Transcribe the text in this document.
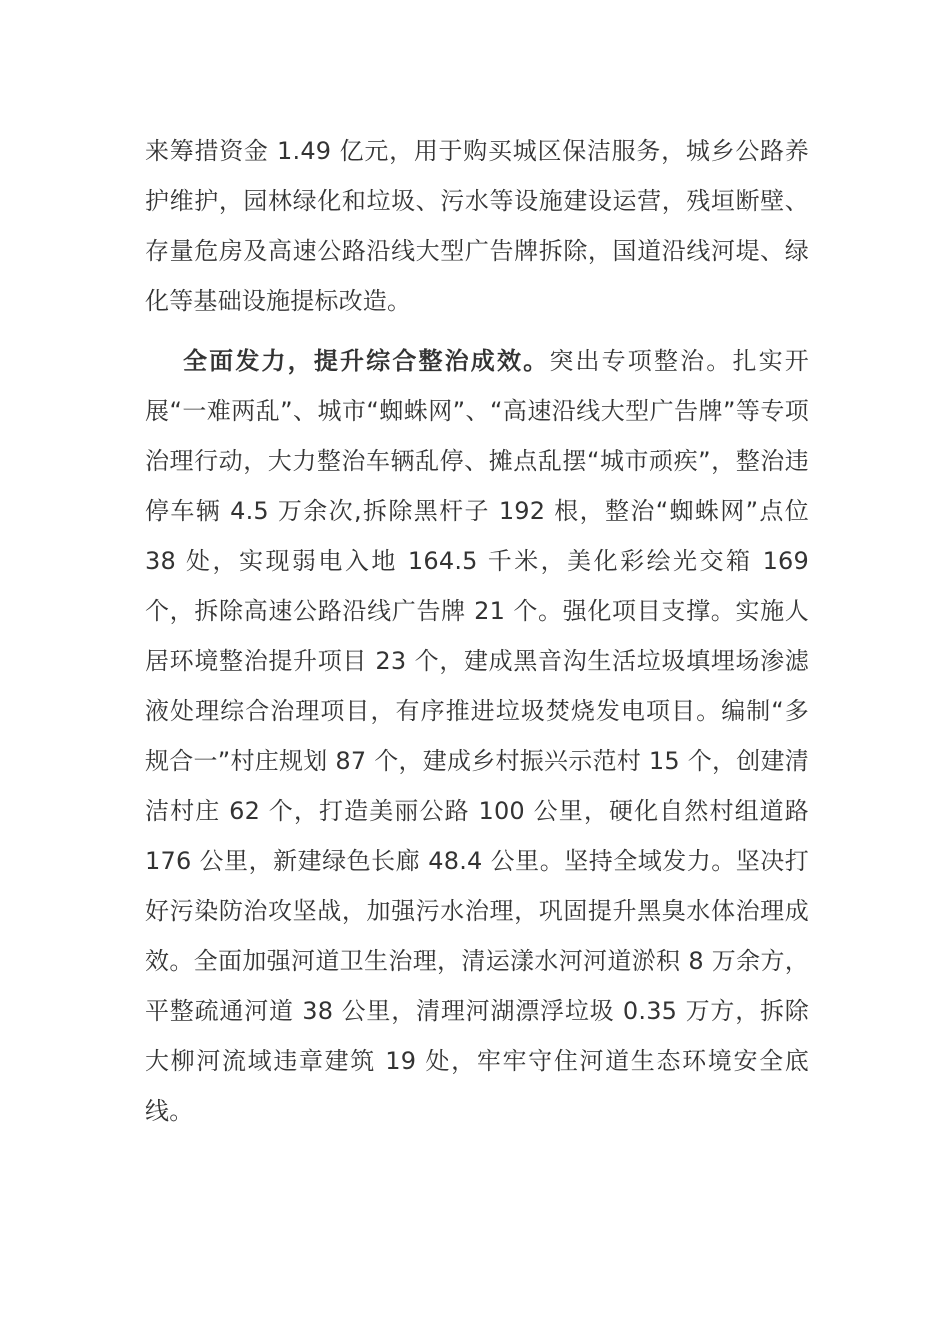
来筹措资金 1.49 亿元，用于购买城区保洁服务，城乡公路养护维护，园林绿化和垃圾、污水等设施建设运营，残垣断壁、存量危房及高速公路沿线大型广告牌拆除，国道沿线河堤、绿化等基础设施提标改造。

全面发力，提升综合整治成效。突出专项整治。扎实开展“一难两乱”、城市“蜘蛛网”、“高速沿线大型广告牌”等专项治理行动，大力整治车辆乱停、摊点乱摆“城市顽疾”，整治违停车辆 4.5 万余次,拆除黑杆子 192 根，整治“蜘蛛网”点位 38 处，实现弱电入地 164.5 千米，美化彩绘光交箱 169 个，拆除高速公路沿线广告牌 21 个。强化项目支撑。实施人居环境整治提升项目 23 个，建成黑音沟生活垃圾填埋场渗滤液处理综合治理项目，有序推进垃圾焚烧发电项目。编制“多规合一”村庄规划 87 个，建成乡村振兴示范村 15 个，创建清洁村庄 62 个，打造美丽公路 100 公里，硬化自然村组道路 176 公里，新建绿色长廊 48.4 公里。坚持全域发力。坚决打好污染防治攻坚战，加强污水治理，巩固提升黑臭水体治理成效。全面加强河道卫生治理，清运漾水河河道淤积 8 万余方，平整疏通河道 38 公里，清理河湖漂浮垃圾 0.35 万方，拆除大柳河流域违章建筑 19 处，牢牢守住河道生态环境安全底线。
